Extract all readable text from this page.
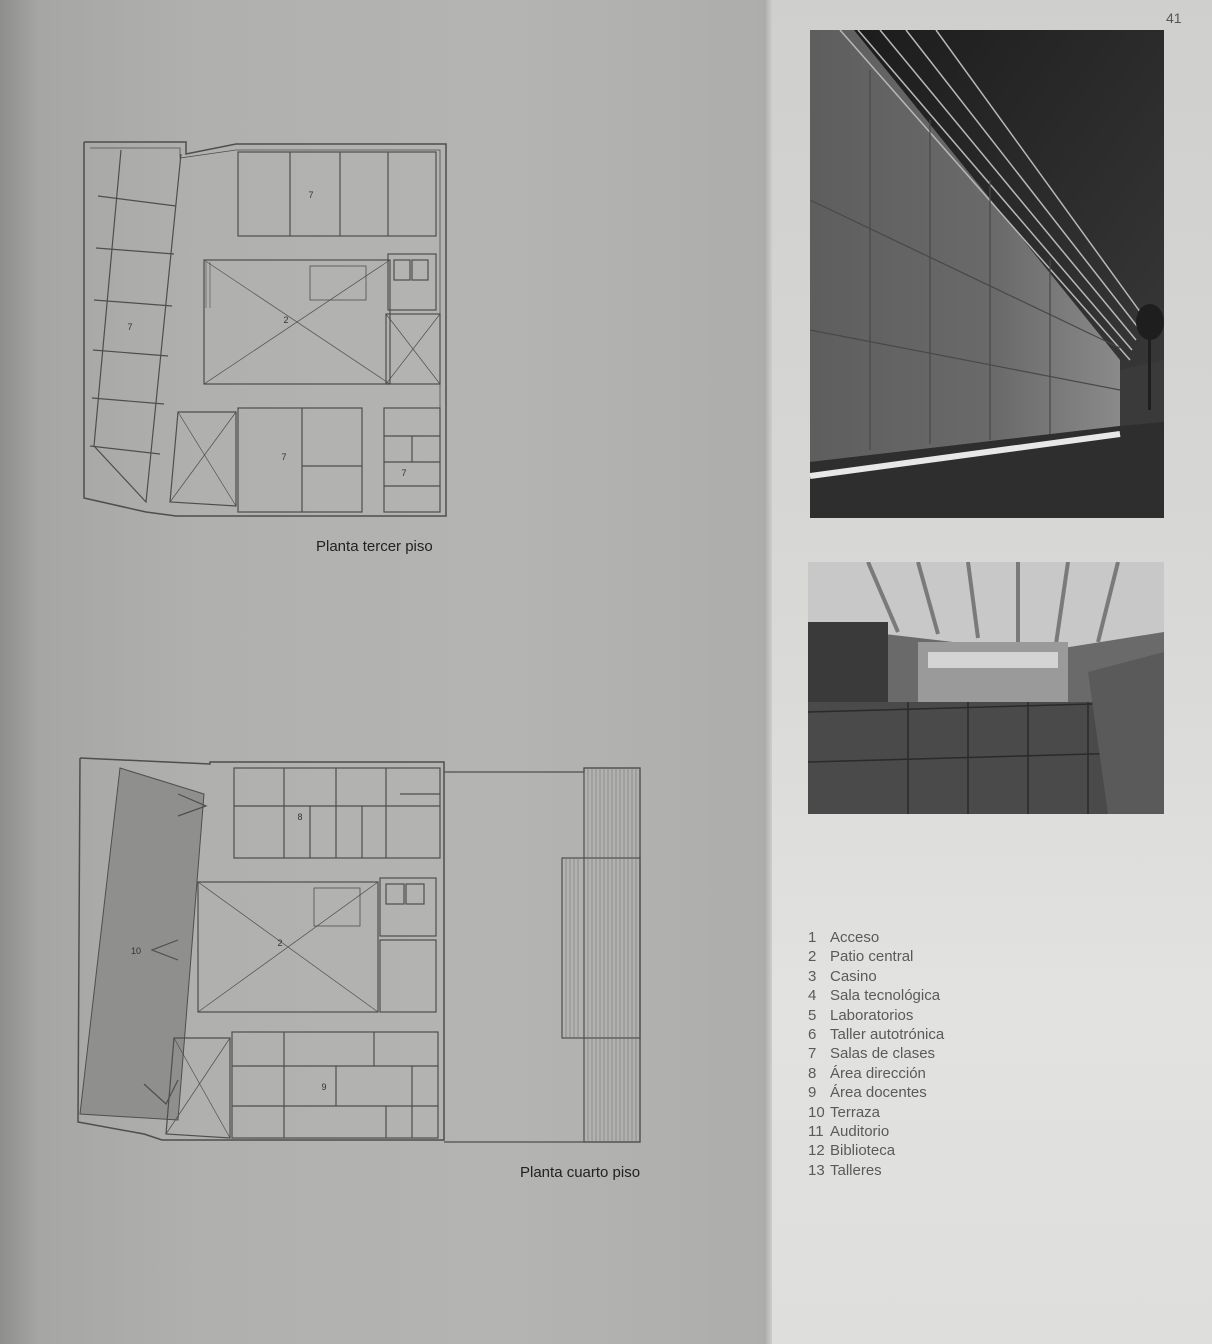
41
7
2
7
7
7
Planta tercer piso
8
2
10
9
Planta cuarto piso
1 Acceso
2 Patio central
3 Casino
4 Sala tecnológica
5 Laboratorios
6 Taller autotrónica
7 Salas de clases
8 Área dirección
9 Área docentes
10 Terraza
11 Auditorio
12 Biblioteca
13 Talleres
